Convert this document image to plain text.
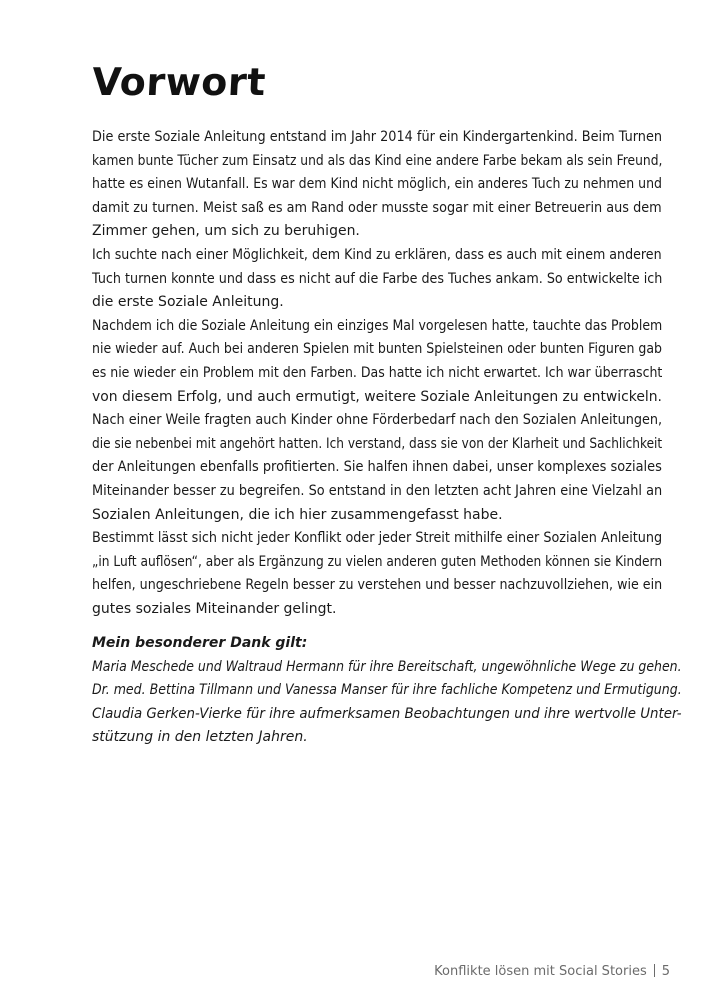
Vorwort
Die erste Soziale Anleitung entstand im Jahr 2014 für ein Kindergartenkind. Beim Turnen
kamen bunte Tücher zum Einsatz und als das Kind eine andere Farbe bekam als sein Freund,
hatte es einen Wutanfall. Es war dem Kind nicht möglich, ein anderes Tuch zu nehmen und
damit zu turnen. Meist saß es am Rand oder musste sogar mit einer Betreuerin aus dem
Zimmer gehen, um sich zu beruhigen.
Ich suchte nach einer Möglichkeit, dem Kind zu erklären, dass es auch mit einem anderen
Tuch turnen konnte und dass es nicht auf die Farbe des Tuches ankam. So entwickelte ich
die erste Soziale Anleitung.
Nachdem ich die Soziale Anleitung ein einziges Mal vorgelesen hatte, tauchte das Problem
nie wieder auf. Auch bei anderen Spielen mit bunten Spielsteinen oder bunten Figuren gab
es nie wieder ein Problem mit den Farben. Das hatte ich nicht erwartet. Ich war überrascht
von diesem Erfolg, und auch ermutigt, weitere Soziale Anleitungen zu entwickeln.
Nach einer Weile fragten auch Kinder ohne Förderbedarf nach den Sozialen Anleitungen,
die sie nebenbei mit angehört hatten. Ich verstand, dass sie von der Klarheit und Sachlichkeit
der Anleitungen ebenfalls profitierten. Sie halfen ihnen dabei, unser komplexes soziales
Miteinander besser zu begreifen. So entstand in den letzten acht Jahren eine Vielzahl an
Sozialen Anleitungen, die ich hier zusammengefasst habe.
Bestimmt lässt sich nicht jeder Konflikt oder jeder Streit mithilfe einer Sozialen Anleitung
„in Luft auflösen“, aber als Ergänzung zu vielen anderen guten Methoden können sie Kindern
helfen, ungeschriebene Regeln besser zu verstehen und besser nachzuvollziehen, wie ein
gutes soziales Miteinander gelingt.
Mein besonderer Dank gilt:
Maria Meschede und Waltraud Hermann für ihre Bereitschaft, ungewöhnliche Wege zu gehen.
Dr. med. Bettina Tillmann und Vanessa Manser für ihre fachliche Kompetenz und Ermutigung.
Claudia Gerken-Vierke für ihre aufmerksamen Beobachtungen und ihre wertvolle Unter-
stützung in den letzten Jahren.
Konflikte lösen mit Social Stories 5
